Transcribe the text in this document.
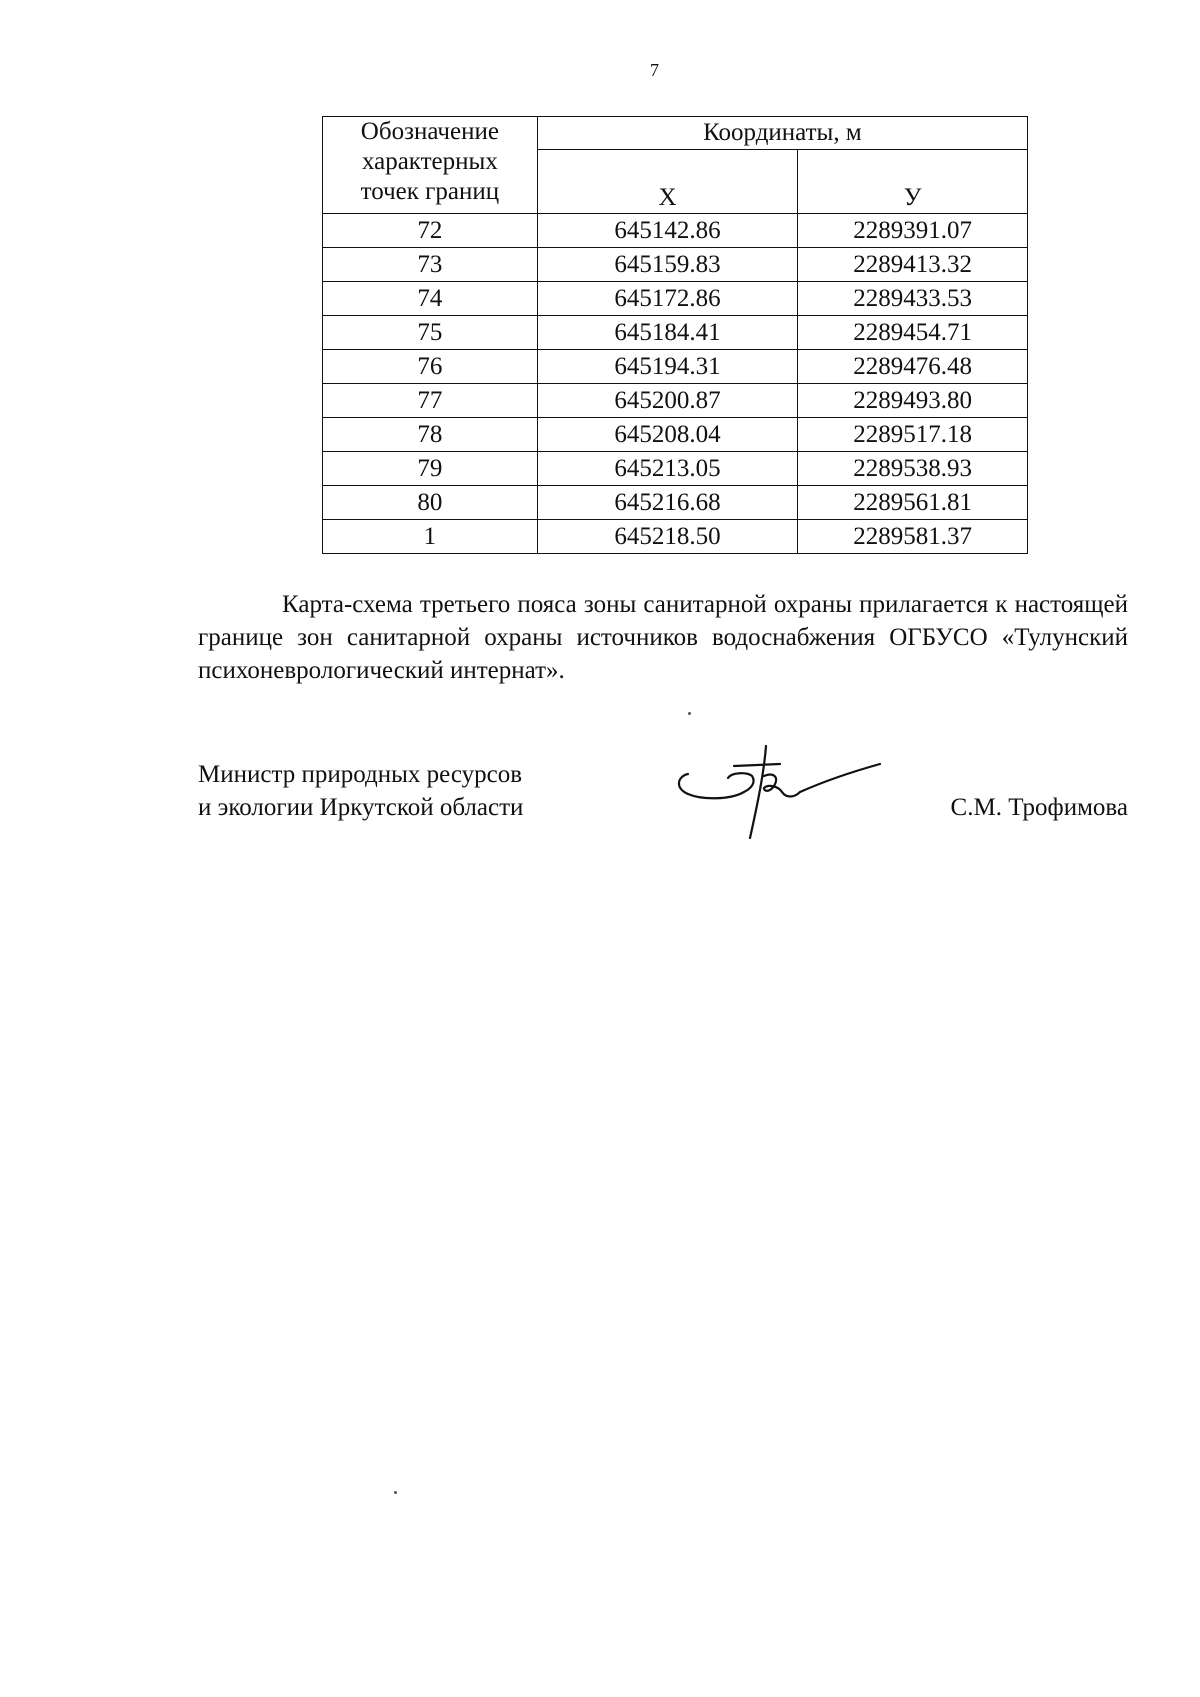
7
Обозначение
характерных
точек границ	Координаты, м	
	Х	У
72	645142.86	2289391.07
73	645159.83	2289413.32
74	645172.86	2289433.53
75	645184.41	2289454.71
76	645194.31	2289476.48
77	645200.87	2289493.80
78	645208.04	2289517.18
79	645213.05	2289538.93
80	645216.68	2289561.81
1	645218.50	2289581.37
Карта-схема третьего пояса зоны санитарной охраны прилагается к настоящей границе зон санитарной охраны источников водоснабжения ОГБУСО «Тулунский психоневрологический интернат».
Министр природных ресурсов
и экологии Иркутской области	С.М. Трофимова
